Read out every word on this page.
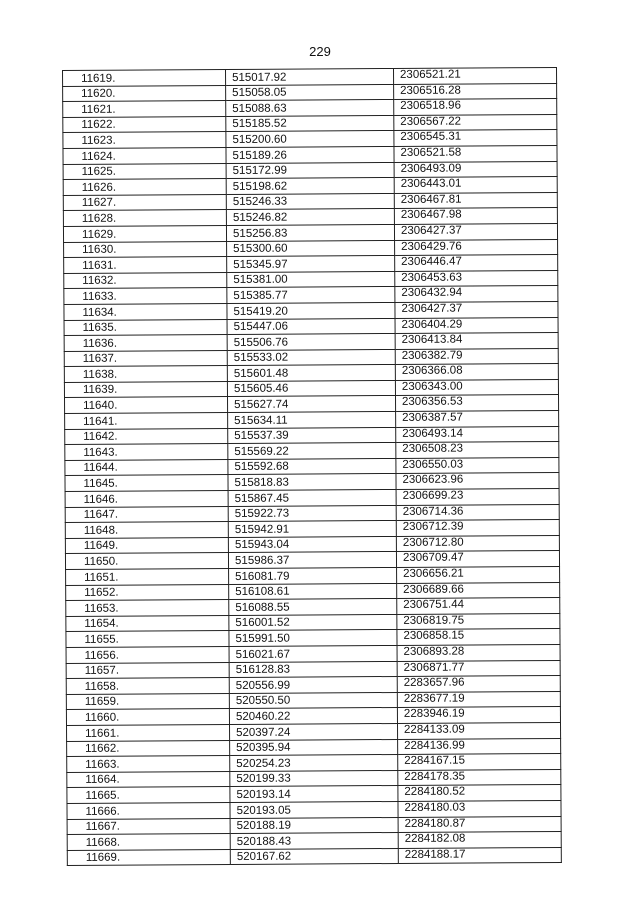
229
11619.	515017.92	2306521.21
11620.	515058.05	2306516.28
11621.	515088.63	2306518.96
11622.	515185.52	2306567.22
11623.	515200.60	2306545.31
11624.	515189.26	2306521.58
11625.	515172.99	2306493.09
11626.	515198.62	2306443.01
11627.	515246.33	2306467.81
11628.	515246.82	2306467.98
11629.	515256.83	2306427.37
11630.	515300.60	2306429.76
11631.	515345.97	2306446.47
11632.	515381.00	2306453.63
11633.	515385.77	2306432.94
11634.	515419.20	2306427.37
11635.	515447.06	2306404.29
11636.	515506.76	2306413.84
11637.	515533.02	2306382.79
11638.	515601.48	2306366.08
11639.	515605.46	2306343.00
11640.	515627.74	2306356.53
11641.	515634.11	2306387.57
11642.	515537.39	2306493.14
11643.	515569.22	2306508.23
11644.	515592.68	2306550.03
11645.	515818.83	2306623.96
11646.	515867.45	2306699.23
11647.	515922.73	2306714.36
11648.	515942.91	2306712.39
11649.	515943.04	2306712.80
11650.	515986.37	2306709.47
11651.	516081.79	2306656.21
11652.	516108.61	2306689.66
11653.	516088.55	2306751.44
11654.	516001.52	2306819.75
11655.	515991.50	2306858.15
11656.	516021.67	2306893.28
11657.	516128.83	2306871.77
11658.	520556.99	2283657.96
11659.	520550.50	2283677.19
11660.	520460.22	2283946.19
11661.	520397.24	2284133.09
11662.	520395.94	2284136.99
11663.	520254.23	2284167.15
11664.	520199.33	2284178.35
11665.	520193.14	2284180.52
11666.	520193.05	2284180.03
11667.	520188.19	2284180.87
11668.	520188.43	2284182.08
11669.	520167.62	2284188.17
